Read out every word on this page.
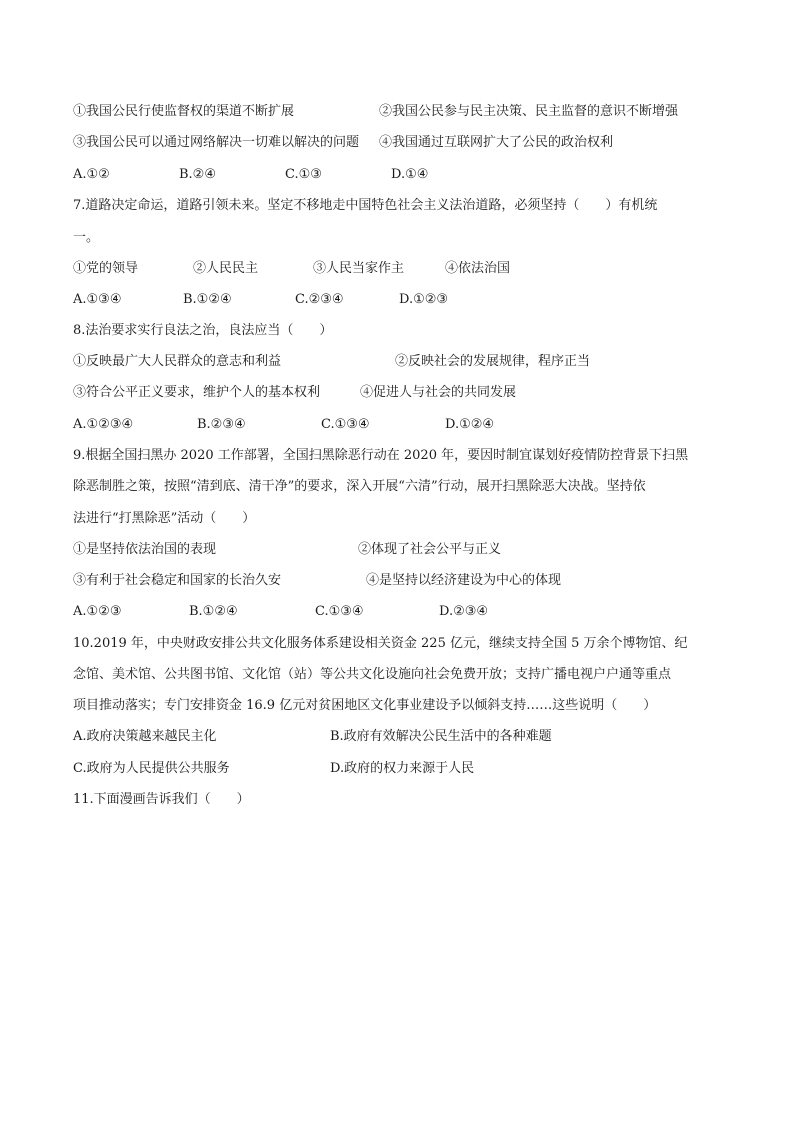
①我国公民行使监督权的渠道不断扩展	②我国公民参与民主决策、民主监督的意识不断增强
③我国公民可以通过网络解决一切难以解决的问题	④我国通过互联网扩大了公民的政治权利
A.①②	B.②④	C.①③	D.①④
7.道路决定命运，道路引领未来。坚定不移地走中国特色社会主义法治道路，必须坚持（　　）有机统
一。
①党的领导	②人民民主	③人民当家作主	④依法治国
A.①③④	B.①②④	C.②③④	D.①②③
8.法治要求实行良法之治，良法应当（　　）
①反映最广大人民群众的意志和利益	②反映社会的发展规律，程序正当
③符合公平正义要求，维护个人的基本权利	④促进人与社会的共同发展
A.①②③④	B.②③④	C.①③④	D.①②④
9.根据全国扫黑办 2020 工作部署，全国扫黑除恶行动在 2020 年，要因时制宜谋划好疫情防控背景下扫黑
除恶制胜之策，按照“清到底、清干净”的要求，深入开展“六清”行动，展开扫黑除恶大决战。坚持依
法进行“打黑除恶”活动（　　）
①是坚持依法治国的表现	②体现了社会公平与正义
③有利于社会稳定和国家的长治久安	④是坚持以经济建设为中心的体现
A.①②③	B.①②④	C.①③④	D.②③④
10.2019 年，中央财政安排公共文化服务体系建设相关资金 225 亿元，继续支持全国 5 万余个博物馆、纪
念馆、美术馆、公共图书馆、文化馆（站）等公共文化设施向社会免费开放；支持广播电视户户通等重点
项目推动落实；专门安排资金 16.9 亿元对贫困地区文化事业建设予以倾斜支持……这些说明（　　）
A.政府决策越来越民主化	B.政府有效解决公民生活中的各种难题
C.政府为人民提供公共服务	D.政府的权力来源于人民
11.下面漫画告诉我们（　　）
